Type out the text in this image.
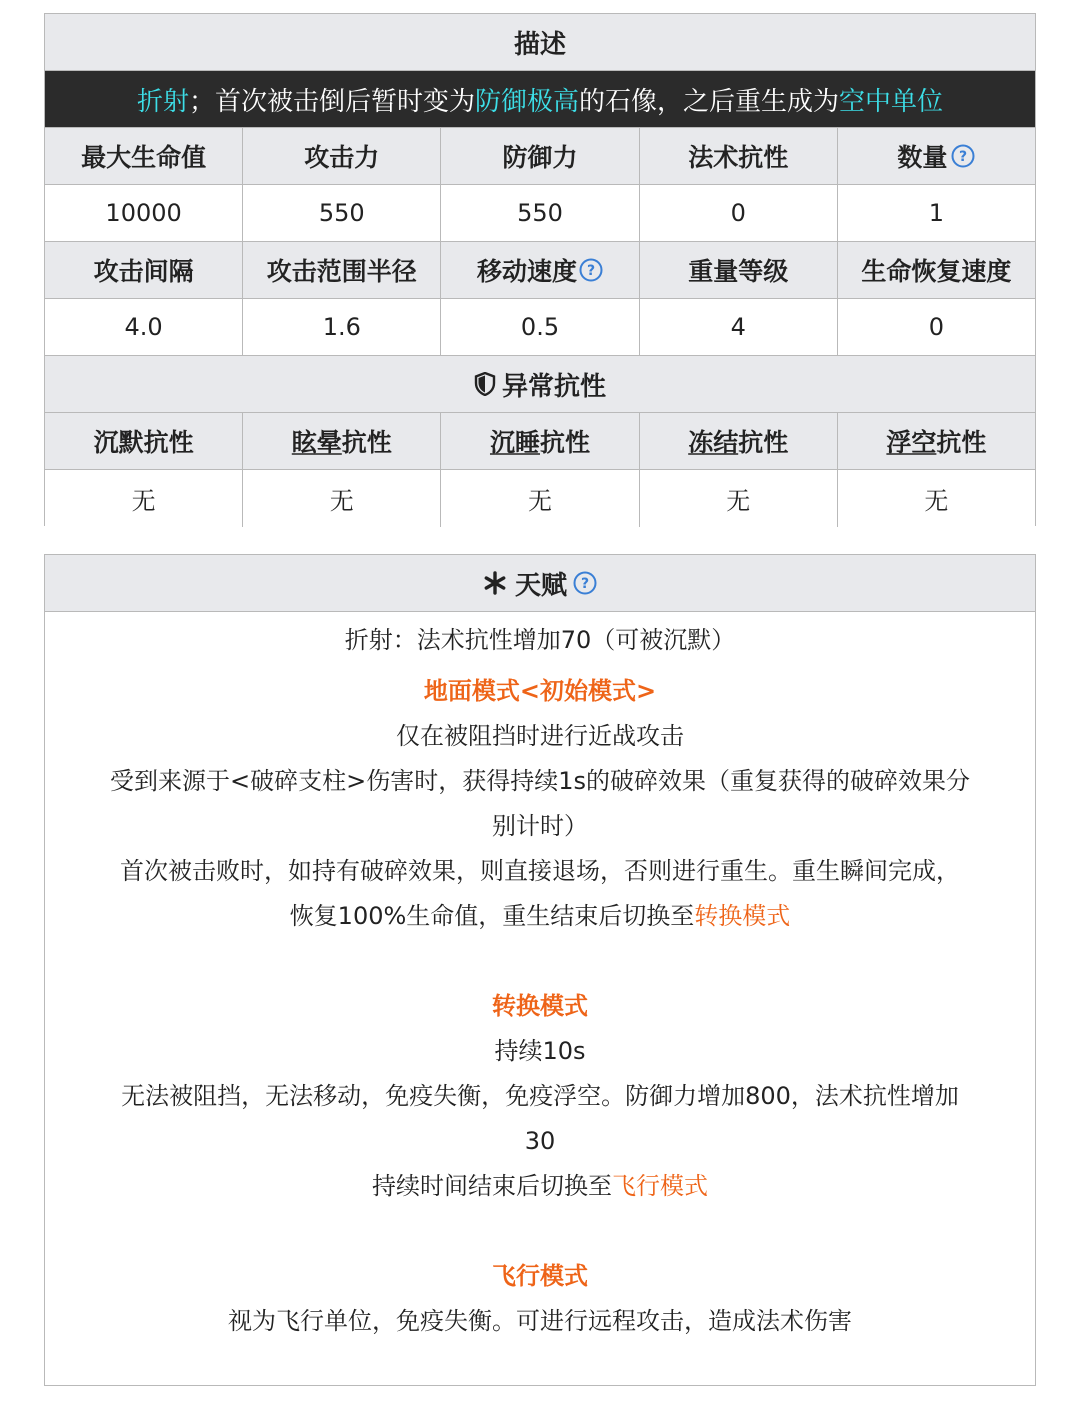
描述
折射 ；首次被击倒后暂时变为 防御极高 的石像，之后重生成为 空中单位
最大生命值	攻击力	防御力	法术抗性	数量 ?
10000	550	550	0	1
攻击间隔	攻击范围半径	移动速度 ?	重量等级	生命恢复速度
4.0	1.6	0.5	4	0
异常抗性
沉默抗性	眩晕 抗性	沉睡 抗性	冻结 抗性	浮空 抗性
无	无	无	无	无
天赋 ?
折射：法术抗性增加70（可被沉默）
地面模式<初始模式>
仅在被阻挡时进行近战攻击
受到来源于<破碎支柱>伤害时，获得持续1s的破碎效果（重复获得的破碎效果分
别计时）
首次被击败时，如持有破碎效果，则直接退场，否则进行重生。重生瞬间完成，
恢复100%生命值，重生结束后切换至转换模式
转换模式
持续10s
无法被阻挡，无法移动，免疫失衡，免疫浮空。防御力增加800，法术抗性增加
30
持续时间结束后切换至飞行模式
飞行模式
视为飞行单位，免疫失衡。可进行远程攻击，造成法术伤害
